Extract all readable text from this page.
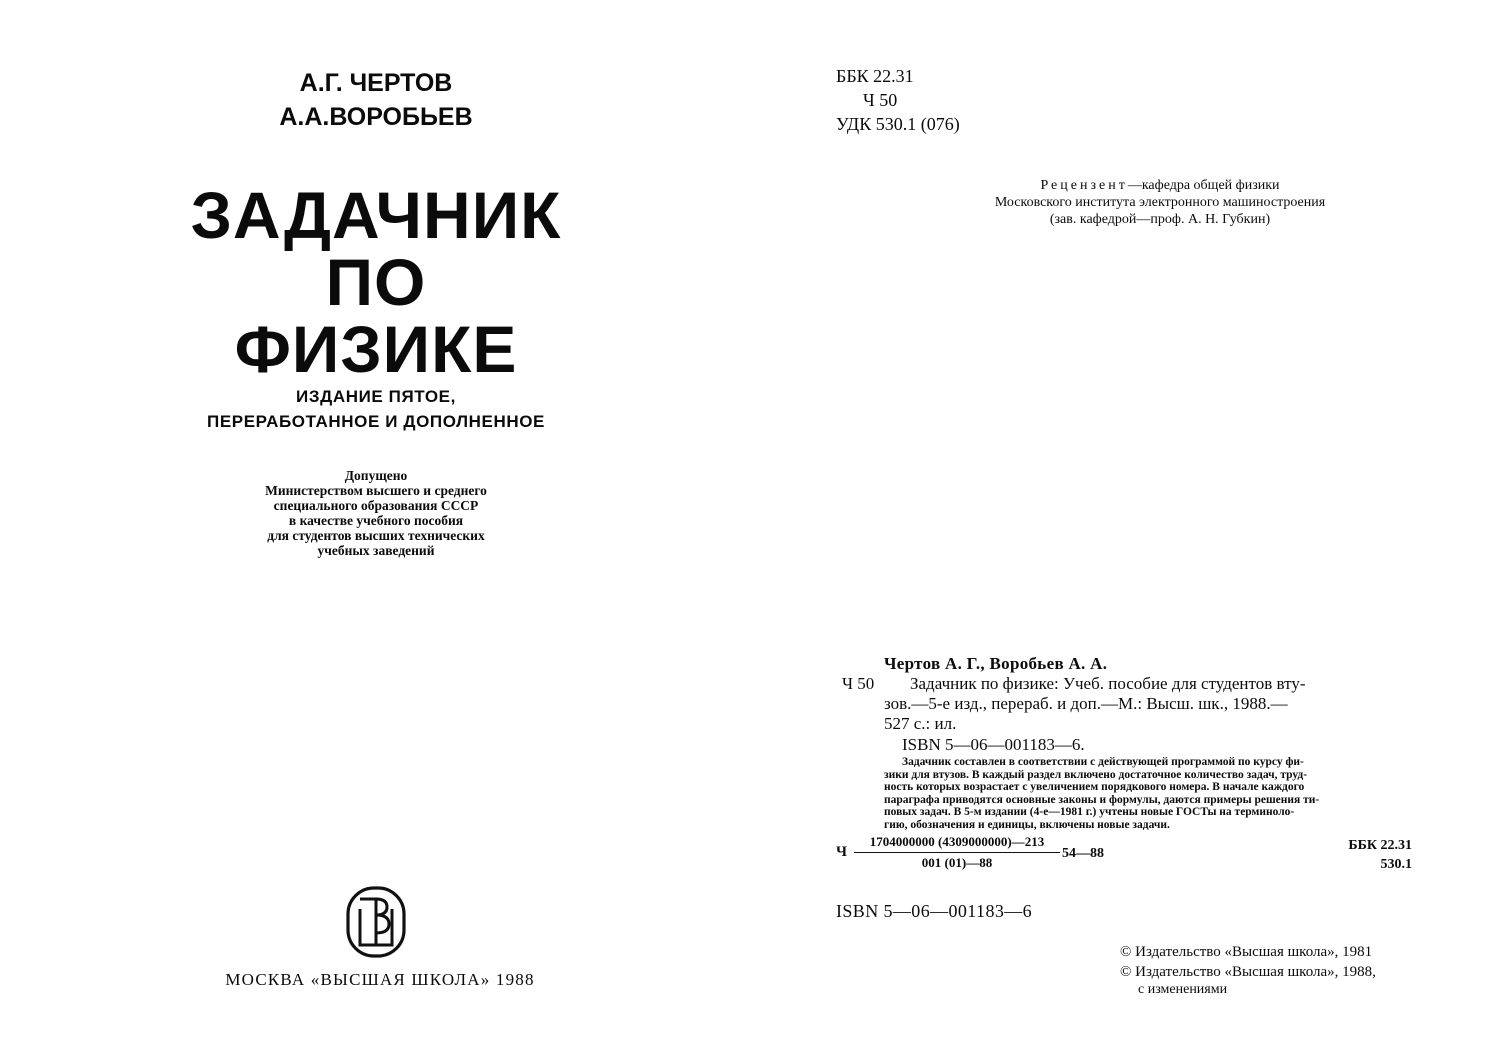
А.Г. ЧЕРТОВ
А.А.ВОРОБЬЕВ
ЗАДАЧНИК
ПО
ФИЗИКЕ
ИЗДАНИЕ ПЯТОЕ,
ПЕРЕРАБОТАННОЕ И ДОПОЛНЕННОЕ
Допущено
Министерством высшего и среднего
специального образования СССР
в качестве учебного пособия
для студентов высших технических
учебных заведений
МОСКВА «ВЫСШАЯ ШКОЛА» 1988
ББК 22.31
Ч 50
УДК 530.1 (076)
Рецензент—кафедра общей физики
Московского института электронного машиностроения
(зав. кафедрой—проф. А. Н. Губкин)
Чертов А. Г., Воробьев А. А.
Ч 50	Задачник по физике: Учеб. пособие для студентов вту-
зов.—5-е изд., перераб. и доп.—М.: Высш. шк., 1988.—
527 с.: ил.
ISBN 5—06—001183—6.
Задачник составлен в соответствии с действующей программой по курсу фи-
зики для втузов. В каждый раздел включено достаточное количество задач, труд-
ность которых возрастает с увеличением порядкового номера. В начале каждого
параграфа приводятся основные законы и формулы, даются примеры решения ти-
повых задач. В 5-м издании (4-е—1981 г.) учтены новые ГОСТы на терминоло-
гию, обозначения и единицы, включены новые задачи.
Ч $\frac{1704000000 (4309000000)—213}{001 (01)—88}$ 54—88
ББК 22.31
530.1
ISBN 5—06—001183—6
© Издательство «Высшая школа», 1981
© Издательство «Высшая школа», 1988,
с изменениями
